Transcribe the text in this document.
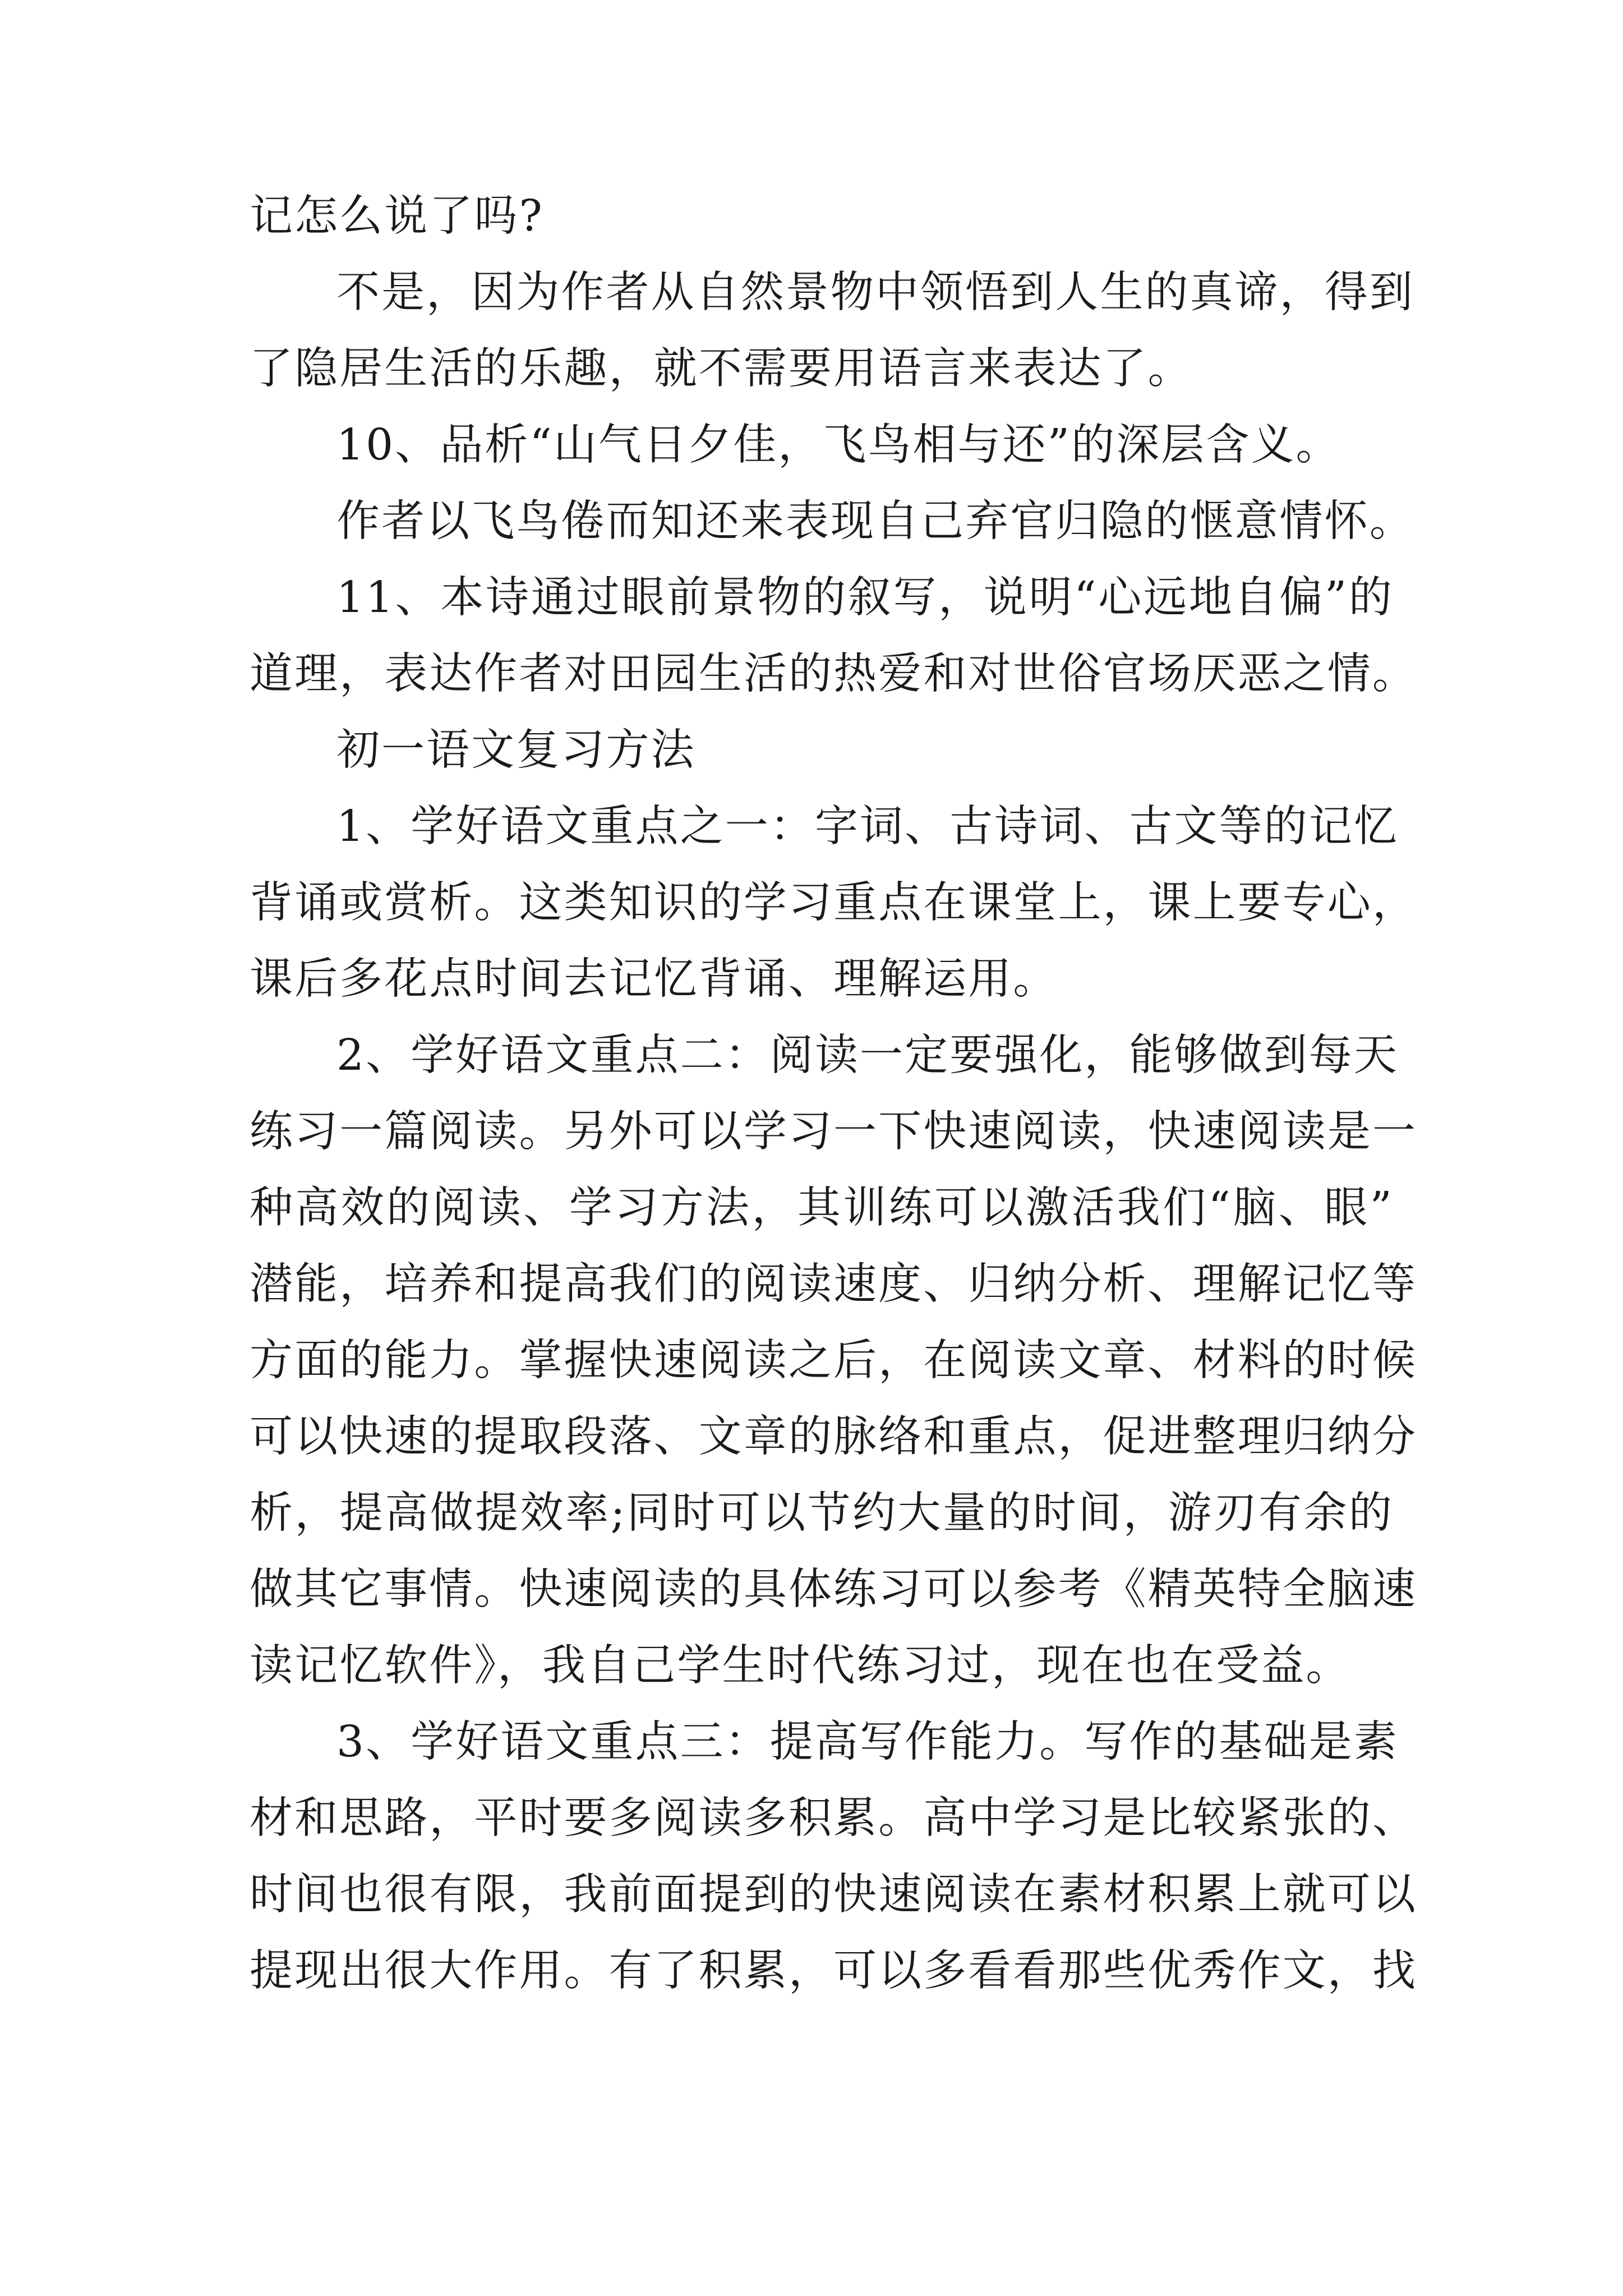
记怎么说了吗?
不是，因为作者从自然景物中领悟到人生的真谛，得到
了隐居生活的乐趣，就不需要用语言来表达了。
10、品析“山气日夕佳，飞鸟相与还”的深层含义。
作者以飞鸟倦而知还来表现自己弃官归隐的惬意情怀。
11、本诗通过眼前景物的叙写，说明“心远地自偏”的
道理，表达作者对田园生活的热爱和对世俗官场厌恶之情。
初一语文复习方法
1、学好语文重点之一：字词、古诗词、古文等的记忆
背诵或赏析。这类知识的学习重点在课堂上，课上要专心，
课后多花点时间去记忆背诵、理解运用。
2、学好语文重点二：阅读一定要强化，能够做到每天
练习一篇阅读。另外可以学习一下快速阅读，快速阅读是一
种高效的阅读、学习方法，其训练可以激活我们“脑、眼”
潜能，培养和提高我们的阅读速度、归纳分析、理解记忆等
方面的能力。掌握快速阅读之后，在阅读文章、材料的时候
可以快速的提取段落、文章的脉络和重点，促进整理归纳分
析，提高做提效率;同时可以节约大量的时间，游刃有余的
做其它事情。快速阅读的具体练习可以参考《精英特全脑速
读记忆软件》，我自己学生时代练习过，现在也在受益。
3、学好语文重点三：提高写作能力。写作的基础是素
材和思路，平时要多阅读多积累。高中学习是比较紧张的、
时间也很有限，我前面提到的快速阅读在素材积累上就可以
提现出很大作用。有了积累，可以多看看那些优秀作文，找
